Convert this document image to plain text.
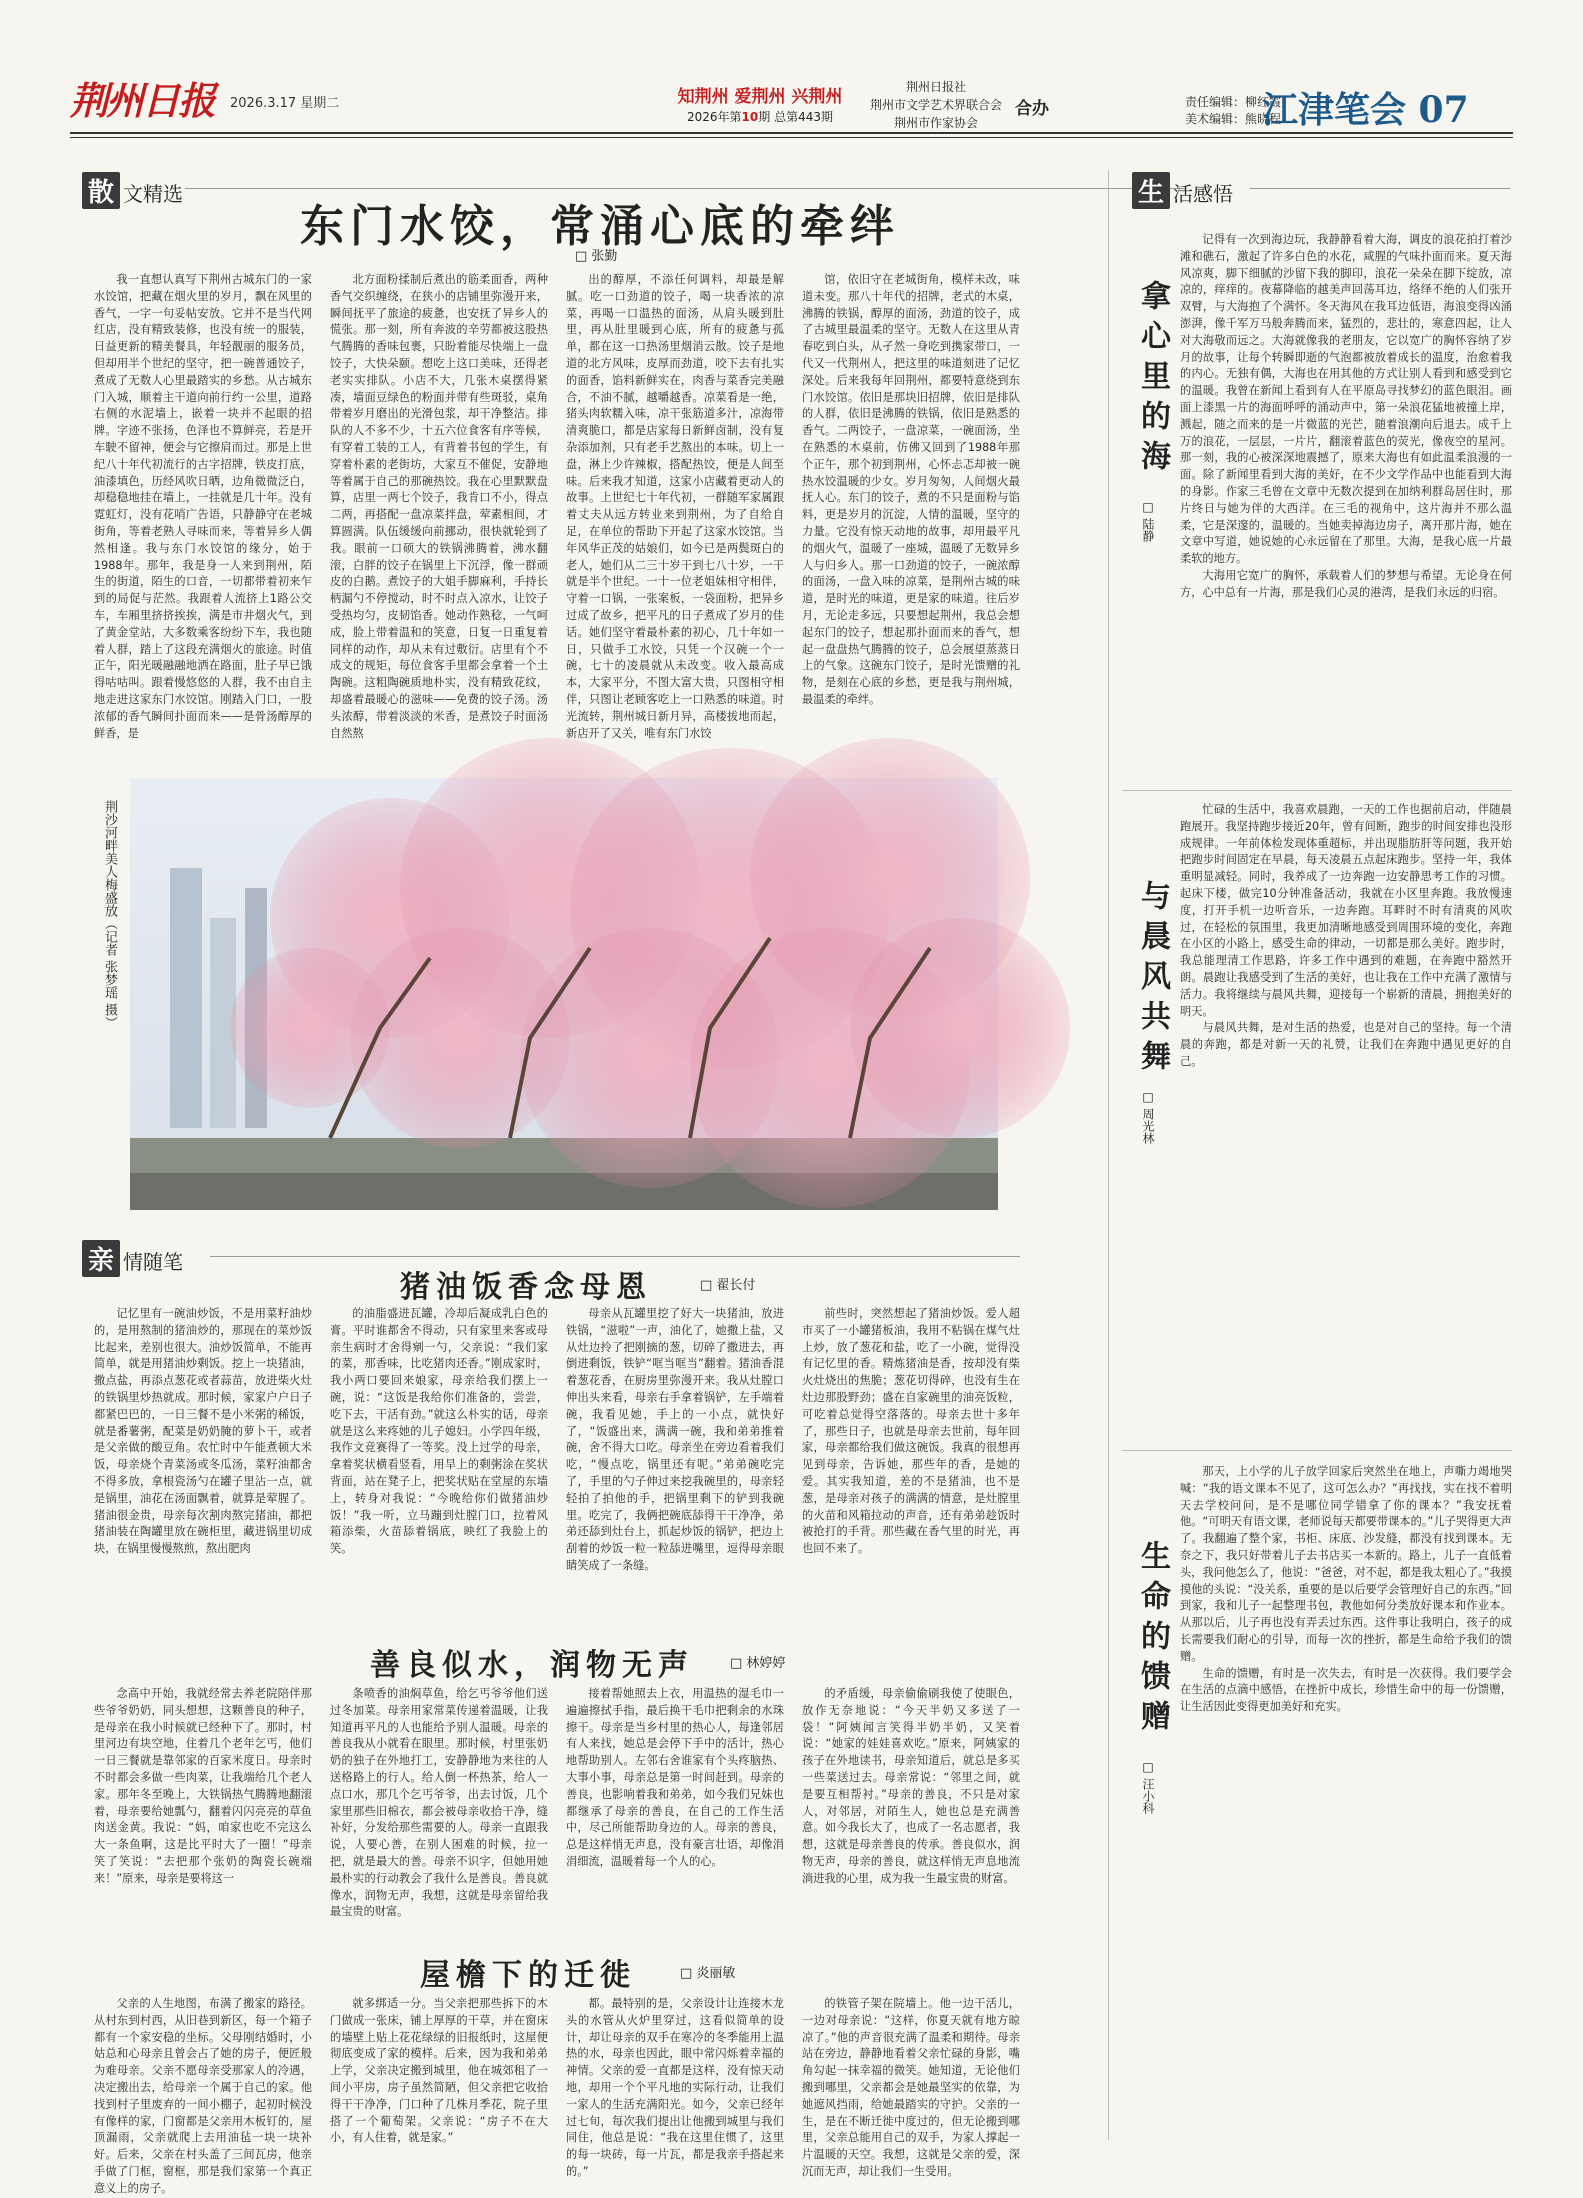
荆州日报 2026.3.17 星期二	知荆州 爱荆州 兴荆州
2026年第10期 总第443期
荆州日报社
荆州市文学艺术界联合会
荆州市作家协会
合办	责任编辑：柳红霞
美术编辑：熊晓程
江津笔会 07
散 文精选
东门水饺，常涌心底的牵绊
□ 张勤

我一直想认真写下荆州古城东门的一家水饺馆，把藏在烟火里的岁月，飘在风里的香气，一字一句妥帖安放。它并不是当代网红店，没有精致装修，也没有统一的服装，日益更新的精美餐具，年轻靓丽的服务员，但却用半个世纪的坚守，把一碗普通饺子，煮成了无数人心里最踏实的乡愁。从古城东门入城，顺着主干道向前行约一公里，道路右侧的水泥墙上，嵌着一块并不起眼的招牌。字迹不张扬，色泽也不算鲜亮，若是开车駛不留神，便会与它擦肩而过。那是上世纪八十年代初流行的古字招牌，铁皮打底，油漆填色，历经风吹日晒，边角微微泛白，却稳稳地挂在墙上，一挂就是几十年。没有霓虹灯，没有花哨广告语，只静静守在老城街角，等着老熟人寻味而来，等着异乡人偶然相逢。我与东门水饺馆的缘分，始于1988年。那年，我是身一人来到荆州，陌生的街道，陌生的口音，一切都带着初来乍到的局促与茫然。我跟着人流挤上1路公交车，车厢里挤挤挨挨，满是市井烟火气，到了黄金堂站，大多数乘客纷纷下车，我也随着人群，踏上了这段充满烟火的旅途。时值正午，阳光暖融融地洒在路面，肚子早已饿得咕咕叫。跟着慢悠悠的人群，我不由自主地走进这家东门水饺馆。刚踏入门口，一股浓郁的香气瞬间扑面而来——是骨汤醇厚的鲜香，是

北方面粉揉制后煮出的筋柔面香，两种香气交织缠绕，在狭小的店铺里弥漫开来，瞬间抚平了旅途的疲惫，也安抚了异乡人的慌张。那一刻，所有奔波的辛劳都被这股热气腾腾的香味包裹，只盼着能尽快端上一盘饺子，大快朵颐。想吃上这口美味，还得老老实实排队。小店不大，几张木桌摆得紧凑，墙面豆绿色的粉面并带有些斑驳，桌角带着岁月磨出的光滑包浆，却干净整洁。排队的人不多不少，十五六位食客有序等候，有穿着工装的工人，有背着书包的学生，有穿着朴素的老街坊，大家互不催促，安静地等着属于自己的那碗热饺。我在心里默默盘算，店里一两七个饺子，我肯口不小，得点二两，再搭配一盘凉菜拌盘，荤素相间，才算圆满。队伍缓缓向前挪动，很快就轮到了我。眼前一口硕大的铁锅沸腾着，沸水翻滚，白胖的饺子在锅里上下沉浮，像一群顽皮的白鹅。煮饺子的大姐手脚麻利，手持长柄漏勺不停搅动，时不时点入凉水，让饺子受热均匀，皮韧馅香。她动作熟稔，一气呵成，脸上带着温和的笑意，日复一日重复着同样的动作，却从未有过敷衍。店里有个不成文的规矩，每位食客手里都会拿着一个土陶碗。这粗陶碗质地朴实，没有精致花纹，却盛着最暖心的滋味——免费的饺子汤。汤头浓醇，带着淡淡的米香，是煮饺子时面汤自然熬

出的醇厚，不添任何调料，却最是解腻。吃一口劲道的饺子，喝一块香浓的凉菜，再喝一口温热的面汤，从肩头暖到肚里，再从肚里暖到心底，所有的疲惫与孤单，都在这一口热汤里烟消云散。饺子是地道的北方风味，皮厚而劲道，咬下去有扎实的面香，馅料新鲜实在，肉香与菜香完美融合，不油不腻，越嚼越香。凉菜看是一绝，猪头肉软糯入味，凉干张筋道多汁，凉海带清爽脆口，都是店家每日新鲜卤制，没有复杂添加剂，只有老手艺熬出的本味。切上一盘，淋上少许辣椒，搭配热饺，便是人间至味。后来我才知道，这家小店藏着更动人的故事。上世纪七十年代初，一群随军家属跟着丈夫从远方转业来到荆州，为了自给自足，在单位的帮助下开起了这家水饺馆。当年风华正茂的姑娘们，如今已是两鬓斑白的老人，她们从二三十岁干到七八十岁，一干就是半个世纪。一十一位老姐妹相守相伴，守着一口锅，一张案板，一袋面粉，把异乡过成了故乡，把平凡的日子煮成了岁月的佳话。她们坚守着最朴素的初心，几十年如一日，只做手工水饺，只凭一个汉碗一个一碗，七十的凌晨就从未改变。收入最高成本，大家平分，不图大富大贵，只图相守相伴，只图让老顾客吃上一口熟悉的味道。时光流转，荆州城日新月异，高楼拔地而起，新店开了又关，唯有东门水饺

馆，依旧守在老城街角，模样未改，味道未变。那八十年代的招牌，老式的木桌，沸腾的铁锅，醇厚的面汤，劲道的饺子，成了古城里最温柔的坚守。无数人在这里从青春吃到白头，从孑然一身吃到携家带口，一代又一代荆州人，把这里的味道刻进了记忆深处。后来我每年回荆州，都要特意绕到东门水饺馆。依旧是那块旧招牌，依旧是排队的人群，依旧是沸腾的铁锅，依旧是熟悉的香气。二两饺子，一盘凉菜，一碗面汤，坐在熟悉的木桌前，仿佛又回到了1988年那个正午，那个初到荆州，心怀忐忑却被一碗热水饺温暖的少女。岁月匆匆，人间烟火最抚人心。东门的饺子，煮的不只是面粉与馅料，更是岁月的沉淀，人情的温暖，坚守的力量。它没有惊天动地的故事，却用最平凡的烟火气，温暖了一座城，温暖了无数异乡人与归乡人。那一口劲道的饺子，一碗浓醇的面汤，一盘入味的凉菜，是荆州古城的味道，是时光的味道，更是家的味道。往后岁月，无论走多远，只要想起荆州，我总会想起东门的饺子，想起那扑面而来的香气，想起一盘盘热气腾腾的饺子，总会展望蒸蒸日上的气象。这碗东门饺子，是时光馈赠的礼物，是刻在心底的乡愁，更是我与荆州城，最温柔的牵绊。

荆沙河畔美人梅盛放（记者 张梦瑶 摄）
亲 情随笔
猪油饭香念母恩	□ 翟长付

记忆里有一碗油炒饭，不是用菜籽油炒的，是用熬制的猪油炒的，那现在的菜炒饭比起来，差别也很大。油炒饭简单，不能再简单，就是用猪油炒剩饭。挖上一块猪油，撒点盐，再添点葱花或者蒜苗，放进柴火灶的铁锅里炒热就成。那时候，家家户户日子都紧巴巴的，一日三餐不是小米粥的稀饭，就是番薯粥，配菜是奶奶腌的萝卜干，或者是父亲做的酸豆角。农忙时中午能煮顿大米饭，母亲烧个青菜汤或冬瓜汤，菜籽油都舍不得多放，拿根瓷汤勺在罐子里沾一点，就是锅里，油花在汤面飘着，就算是荤腥了。猪油很金贵，母亲每次割肉熬完猪油，都把猪油装在陶罐里放在碗柜里，藏进锅里切成块，在锅里慢慢熬煎，熬出肥肉

的油脂盛进瓦罐，冷却后凝成乳白色的膏。平时谁都舍不得动，只有家里来客或母亲生病时才舍得剜一勺，父亲说：“我们家的菜，那香味，比吃猪肉还香。”刚成家时，我小两口要回来娘家，母亲给我们摆上一碗，说：“这饭是我给你们准备的，尝尝，吃下去，干活有劲。”就这么朴实的话，母亲就是这么来疼她的儿子媳妇。小学四年级，我作文竞赛得了一等奖。没上过学的母亲，拿着奖状横看竖看，用旱上的剩粥涂在奖状背面，站在凳子上，把奖状贴在堂屋的东墙上，转身对我说：“今晚给你们做猪油炒饭！”我一听，立马蹦到灶膛门口，拉着风箱添柴，火苗舔着锅底，映红了我脸上的笑。

母亲从瓦罐里挖了好大一块猪油，放进铁锅，“滋啦”一声，油化了，她撒上盐，又从灶边拎了把刚摘的葱，切碎了撒进去，再倒进剩饭，铁铲“哐当哐当”翻着。猪油香混着葱花香，在厨房里弥漫开来。我从灶膛口伸出头来看，母亲右手拿着锅铲，左手端着碗，我看见她，手上的一小点，就快好了，“饭盛出来，满满一碗，我和弟弟推着碗，舍不得大口吃。母亲坐在旁边看着我们吃，“慢点吃，锅里还有呢。”弟弟碗吃完了，手里的勺子伸过来挖我碗里的，母亲轻轻拍了拍他的手，把锅里剩下的铲到我碗里。吃完了，我俩把碗底舔得干干净净，弟弟还舔到灶台上，抓起炒饭的锅铲，把边上刮着的炒饭一粒一粒舔进嘴里，逗得母亲眼睛笑成了一条缝。

前些时，突然想起了猪油炒饭。爱人超市买了一小罐猪板油，我用不粘锅在煤气灶上炒，放了葱花和盐，吃了一小碗，觉得没有记忆里的香。精炼猪油是香，按却没有柴火灶烧出的焦脆；葱花切得碎，也没有生在灶边那股野劲；盛在自家碗里的油亮饭粒，可吃着总觉得空落落的。母亲去世十多年了，那些日子，也就是母亲去世前，每年回家，母亲都给我们做这碗饭。我真的很想再见到母亲，告诉她，那些年的香，是她的爱。其实我知道，差的不是猪油，也不是葱，是母亲对孩子的满满的情意，是灶膛里的火苗和风箱拉动的声音，还有弟弟趁饭时被抢打的手背。那些藏在香气里的时光，再也回不来了。

善良似水，润物无声	□ 林婷婷

念高中开始，我就经常去养老院陪伴那些爷爷奶奶，同头想想，这颗善良的种子，是母亲在我小时候就已经种下了。那时，村里河边有块空地，住着几个老年乞丐，他们一日三餐就是靠邻家的百家米度日。母亲时不时都会多做一些肉菜，让我端给几个老人家。那年冬至晚上，大铁锅热气腾腾地翻滚着，母亲要给她瓢勺，翻着闪闪亮亮的草鱼肉送金黄。我说：“妈，咱家也吃不完这么大一条鱼啊，这是比平时大了一圈！”母亲笑了笑说：“去把那个张奶的陶瓷长碗端来！”原来，母亲是要将这一

条喷香的油焖草鱼，给乞丐爷爷他们送过冬加菜。母亲用家常菜传递着温暖，让我知道再平凡的人也能给予别人温暖。母亲的善良我从小就看在眼里。那时候，村里张奶奶的独子在外地打工，安静静地为来往的人送格路上的行人。给人倒一杯热茶，给人一点口水，那几个乞丐爷爷，出去讨饭，几个家里那些旧棉衣，都会被母亲收拾干净，缝补好，分发给那些需要的人。母亲一直跟我说，人要心善，在别人困难的时候，拉一把，就是最大的善。母亲不识字，但她用她最朴实的行动教会了我什么是善良。善良就像水，润物无声，我想，这就是母亲留给我最宝贵的财富。

接着帮她照去上衣，用温热的湿毛巾一遍遍擦拭手指，最后换干毛巾把剩余的水珠擦干。母亲是当乡村里的热心人，每逢邻居有人来找，她总是会停下手中的活计，热心地帮助别人。左邻右舍谁家有个头疼脑热、大事小事，母亲总是第一时间赶到。母亲的善良，也影响着我和弟弟，如今我们兄妹也都继承了母亲的善良，在自己的工作生活中，尽己所能帮助身边的人。母亲的善良，总是这样悄无声息，没有豪言壮语，却像涓涓细流，温暖着每一个人的心。

的矛盾缓，母亲偷偷刷我使了使眼色，放作无奈地说：“今天半奶又多送了一袋！”阿姨闻言笑得半奶半奶，又笑着说：“她家的娃娃喜欢吃。”原来，阿姨家的孩子在外地读书，母亲知道后，就总是多买一些菜送过去。母亲常说：“邻里之间，就是要互相帮衬。”母亲的善良，不只是对家人，对邻居，对陌生人，她也总是充满善意。如今我长大了，也成了一名志愿者，我想，这就是母亲善良的传承。善良似水，润物无声，母亲的善良，就这样悄无声息地流淌进我的心里，成为我一生最宝贵的财富。

屋檐下的迁徙	□ 炎丽敏

父亲的人生地图，布满了搬家的路径。从村东到村西，从旧巷到新区，每一个箱子都有一个家安稳的坐标。父母刚结婚时，小姑总和心母亲且曾会占了她的房子，便匠般为难母亲。父亲不愿母亲受那家人的冷遇，决定搬出去，给母亲一个属于自己的家。他找到村子里废弃的一间小棚子，起初时候没有像样的家，门窗都是父亲用木板钉的，屋顶漏雨，父亲就爬上去用油毡一块一块补好。后来，父亲在村头盖了三间瓦房，他亲手做了门框，窗框，那是我们家第一个真正意义上的房子。

就多绑适一分。当父亲把那些拆下的木门做成一张床，铺上厚厚的干草，并在窗床的墙壁上贴上花花绿绿的旧报纸时，这屋便彻底变成了家的模样。后来，因为我和弟弟上学，父亲决定搬到城里，他在城郊租了一间小平房，房子虽然简陋，但父亲把它收拾得干干净净，门口种了几株月季花，院子里搭了一个葡萄架。父亲说：“房子不在大小，有人住着，就是家。”

都。最特别的是，父亲设计让连接木龙头的水管从火炉里穿过，这看似简单的设计，却让母亲的双手在寒冷的冬季能用上温热的水，母亲也因此，眼中常闪烁着幸福的神情。父亲的爱一直都是这样，没有惊天动地，却用一个个平凡地的实际行动，让我们一家人的生活充满阳光。如今，父亲已经年过七旬，每次我们提出让他搬到城里与我们同住，他总是说：“我在这里住惯了，这里的每一块砖，每一片瓦，都是我亲手搭起来的。”

的铁管子架在院墙上。他一边干活儿，一边对母亲说：“这样，你夏天就有地方晾凉了。”他的声音很充满了温柔和期待。母亲站在旁边，静静地看着父亲忙碌的身影，嘴角勾起一抹幸福的微笑。她知道，无论他们搬到哪里，父亲都会是她最坚实的依靠，为她遮风挡雨，给她最踏实的守护。父亲的一生，是在不断迁徙中度过的，但无论搬到哪里，父亲总能用自己的双手，为家人撑起一片温暖的天空。我想，这就是父亲的爱，深沉而无声，却让我们一生受用。

生 活感悟
拿心里的海
□ 陆静

记得有一次到海边玩，我静静看着大海，调皮的浪花拍打着沙滩和礁石，激起了许多白色的水花，咸腥的气味扑面而来。夏天海风凉爽，脚下细腻的沙留下我的脚印，浪花一朵朵在脚下绽放，凉凉的，痒痒的。夜幕降临的越美声回荡耳边，络绎不绝的人们张开双臂，与大海抱了个满怀。冬天海风在我耳边低语，海浪变得凶涌澎湃，像千军万马般奔腾而来，猛烈的，悲壮的，寒意四起，让人对大海敬而远之。大海就像我的老朋友，它以宽广的胸怀容纳了岁月的故事，让每个转瞬即逝的气泡都被放着成长的温度，治愈着我的内心。无独有偶，大海也在用其他的方式让别人看到和感受到它的温暖。我曾在新闻上看到有人在平原岛寻找梦幻的蓝色眼泪。画面上漆黑一片的海面呼呼的涌动声中，第一朵浪花猛地被撞上岸，溅起，随之而来的是一片微蓝的光芒，随着浪潮向后退去。成千上万的浪花，一层层，一片片，翻滚着蓝色的荧光，像夜空的星河。那一刻，我的心被深深地震撼了，原来大海也有如此温柔浪漫的一面。除了新闻里看到大海的美好，在不少文学作品中也能看到大海的身影。作家三毛曾在文章中无数次提到在加纳利群岛居住时，那片终日与她为伴的大西洋。在三毛的视角中，这片海并不那么温柔，它是深邃的，温暖的。当她卖掉海边房子，离开那片海，她在文章中写道，她说她的心永远留在了那里。大海，是我心底一片最柔软的地方。

大海用它宽广的胸怀，承载着人们的梦想与希望。无论身在何方，心中总有一片海，那是我们心灵的港湾，是我们永远的归宿。

与晨风共舞
□ 周光林

忙碌的生活中，我喜欢晨跑，一天的工作也据前启动，伴随晨跑展开。我坚持跑步接近20年，曾有间断，跑步的时间安排也没形成规律。一年前体检发现体重超标，并出现脂肪肝等问题，我开始把跑步时间固定在早晨，每天凌晨五点起床跑步。坚持一年，我体重明显减轻。同时，我养成了一边奔跑一边安静思考工作的习惯。起床下楼，做完10分钟准备活动，我就在小区里奔跑。我放慢速度，打开手机一边听音乐，一边奔跑。耳畔时不时有清爽的风吹过，在轻松的氛围里，我更加清晰地感受到周围环境的变化，奔跑在小区的小路上，感受生命的律动，一切都是那么美好。跑步时，我总能理清工作思路，许多工作中遇到的难题，在奔跑中豁然开朗。晨跑让我感受到了生活的美好，也让我在工作中充满了激情与活力。我将继续与晨风共舞，迎接每一个崭新的清晨，拥抱美好的明天。

与晨风共舞，是对生活的热爱，也是对自己的坚持。每一个清晨的奔跑，都是对新一天的礼赞，让我们在奔跑中遇见更好的自己。

生命的馈赠
□ 汪小科

那天，上小学的儿子放学回家后突然坐在地上，声嘶力竭地哭喊：“我的语文课本不见了，这可怎么办？”再找找，实在找不着明天去学校问问，是不是哪位同学错拿了你的课本？”我安抚着他。“可明天有语文课，老师说每天都要带课本的。”儿子哭得更大声了。我翻遍了整个家，书柜、床底、沙发缝，都没有找到课本。无奈之下，我只好带着儿子去书店买一本新的。路上，儿子一直低着头，我问他怎么了，他说：“爸爸，对不起，都是我太粗心了。”我摸摸他的头说：“没关系，重要的是以后要学会管理好自己的东西。”回到家，我和儿子一起整理书包，教他如何分类放好课本和作业本。从那以后，儿子再也没有弄丢过东西。这件事让我明白，孩子的成长需要我们耐心的引导，而每一次的挫折，都是生命给予我们的馈赠。

生命的馈赠，有时是一次失去，有时是一次获得。我们要学会在生活的点滴中感悟，在挫折中成长，珍惜生命中的每一份馈赠，让生活因此变得更加美好和充实。
